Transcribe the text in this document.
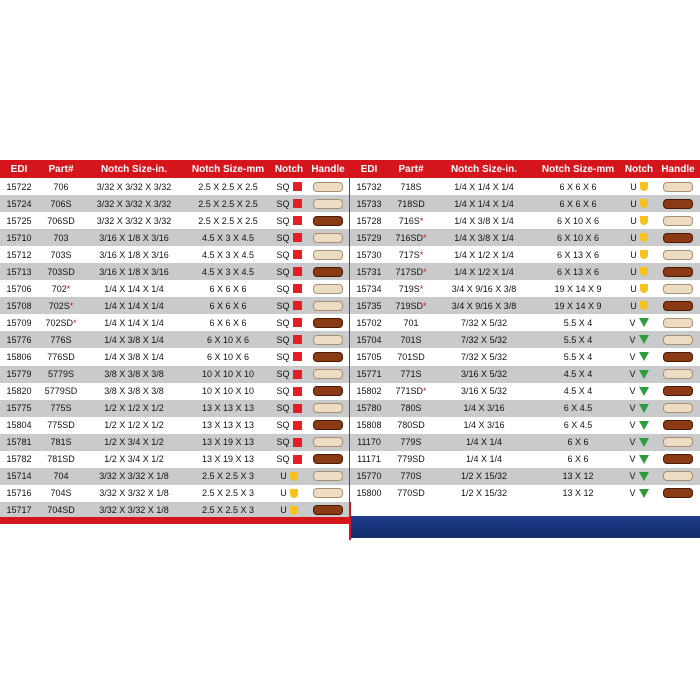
EDI	Part#	Notch Size-in.	Notch Size-mm	Notch Handle
15722	706	3/32 X 3/32 X 3/32	2.5 X 2.5 X 2.5	SQ
15724	706S	3/32 X 3/32 X 3/32	2.5 X 2.5 X 2.5	SQ
15725	706SD	3/32 X 3/32 X 3/32	2.5 X 2.5 X 2.5	SQ
15710	703	3/16 X 1/8 X 3/16	4.5 X 3 X 4.5	SQ
15712	703S	3/16 X 1/8 X 3/16	4.5 X 3 X 4.5	SQ
15713	703SD	3/16 X 1/8 X 3/16	4.5 X 3 X 4.5	SQ
15706	702*	1/4 X 1/4 X 1/4	6 X 6 X 6	SQ
15708	702S*	1/4 X 1/4 X 1/4	6 X 6 X 6	SQ
15709	702SD*	1/4 X 1/4 X 1/4	6 X 6 X 6	SQ
15776	776S	1/4 X 3/8 X 1/4	6 X 10 X 6	SQ
15806	776SD	1/4 X 3/8 X 1/4	6 X 10 X 6	SQ
15779	5779S	3/8 X 3/8 X 3/8	10 X 10 X 10	SQ
15820	5779SD	3/8 X 3/8 X 3/8	10 X 10 X 10	SQ
15775	775S	1/2 X 1/2 X 1/2	13 X 13 X 13	SQ
15804	775SD	1/2 X 1/2 X 1/2	13 X 13 X 13	SQ
15781	781S	1/2 X 3/4 X 1/2	13 X 19 X 13	SQ
15782	781SD	1/2 X 3/4 X 1/2	13 X 19 X 13	SQ
15714	704	3/32 X 3/32 X 1/8	2.5 X 2.5 X 3	U
15716	704S	3/32 X 3/32 X 1/8	2.5 X 2.5 X 3	U
15717	704SD	3/32 X 3/32 X 1/8	2.5 X 2.5 X 3	U
EDI	Part#	Notch Size-in.	Notch Size-mm	Notch Handle
15732	718S	1/4 X 1/4 X 1/4	6 X 6 X 6	U
15733	718SD	1/4 X 1/4 X 1/4	6 X 6 X 6	U
15728	716S*	1/4 X 3/8 X 1/4	6 X 10 X 6	U
15729	716SD*	1/4 X 3/8 X 1/4	6 X 10 X 6	U
15730	717S*	1/4 X 1/2 X 1/4	6 X 13 X 6	U
15731	717SD*	1/4 X 1/2 X 1/4	6 X 13 X 6	U
15734	719S*	3/4 X 9/16 X 3/8	19 X 14 X 9	U
15735	719SD*	3/4 X 9/16 X 3/8	19 X 14 X 9	U
15702	701	7/32 X 5/32	5.5 X 4	V
15704	701S	7/32 X 5/32	5.5 X 4	V
15705	701SD	7/32 X 5/32	5.5 X 4	V
15771	771S	3/16 X 5/32	4.5 X 4	V
15802	771SD*	3/16 X 5/32	4.5 X 4	V
15780	780S	1/4 X 3/16	6 X 4.5	V
15808	780SD	1/4 X 3/16	6 X 4.5	V
11170	779S	1/4 X 1/4	6 X 6	V
11171	779SD	1/4 X 1/4	6 X 6	V
15770	770S	1/2 X 15/32	13 X 12	V
15800	770SD	1/2 X 15/32	13 X 12	V
